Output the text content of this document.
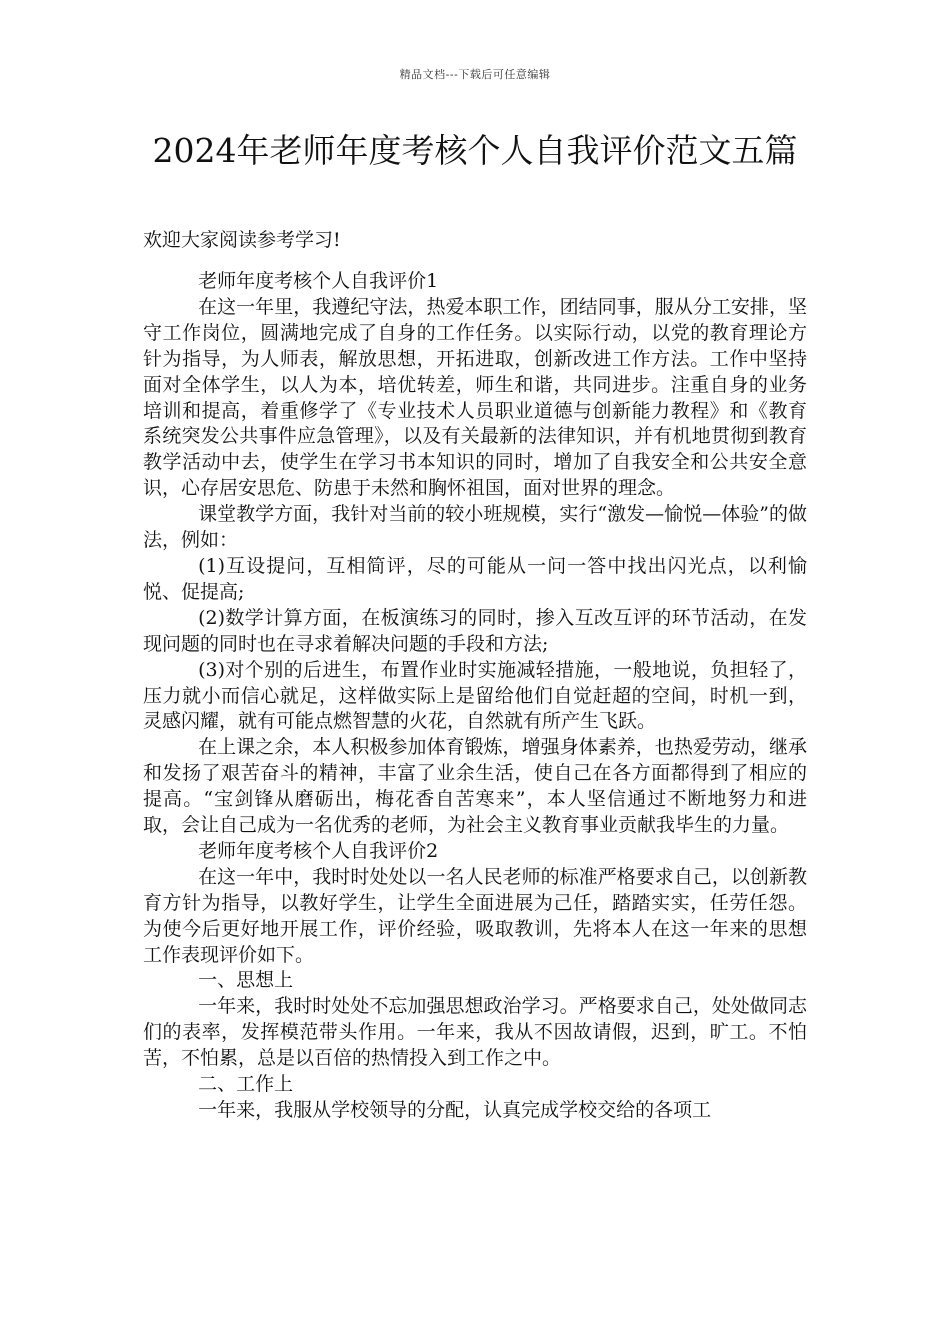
精品文档---下载后可任意编辑
2024年老师年度考核个人自我评价范文五篇

欢迎大家阅读参考学习!

老师年度考核个人自我评价1

在这一年里，我遵纪守法，热爱本职工作，团结同事，服从分工安排，坚守工作岗位，圆满地完成了自身的工作任务。以实际行动，以党的教育理论方针为指导，为人师表，解放思想，开拓进取，创新改进工作方法。工作中坚持面对全体学生，以人为本，培优转差，师生和谐，共同进步。注重自身的业务培训和提高，着重修学了《专业技术人员职业道德与创新能力教程》和《教育系统突发公共事件应急管理》，以及有关最新的法律知识，并有机地贯彻到教育教学活动中去，使学生在学习书本知识的同时，增加了自我安全和公共安全意识，心存居安思危、防患于未然和胸怀祖国，面对世界的理念。

课堂教学方面，我针对当前的较小班规模，实行“激发—愉悦—体验”的做法，例如：

(1)互设提问，互相简评，尽的可能从一问一答中找出闪光点，以利愉悦、促提高;

(2)数学计算方面，在板演练习的同时，掺入互改互评的环节活动，在发现问题的同时也在寻求着解决问题的手段和方法;

(3)对个别的后进生，布置作业时实施减轻措施，一般地说，负担轻了，压力就小而信心就足，这样做实际上是留给他们自觉赶超的空间，时机一到，灵感闪耀，就有可能点燃智慧的火花，自然就有所产生飞跃。

在上课之余，本人积极参加体育锻炼，增强身体素养，也热爱劳动，继承和发扬了艰苦奋斗的精神，丰富了业余生活，使自己在各方面都得到了相应的提高。“宝剑锋从磨砺出，梅花香自苦寒来”，本人坚信通过不断地努力和进取，会让自己成为一名优秀的老师，为社会主义教育事业贡献我毕生的力量。

老师年度考核个人自我评价2

在这一年中，我时时处处以一名人民老师的标准严格要求自己，以创新教育方针为指导，以教好学生，让学生全面进展为己任，踏踏实实，任劳任怨。为使今后更好地开展工作，评价经验，吸取教训，先将本人在这一年来的思想工作表现评价如下。

一、思想上

一年来，我时时处处不忘加强思想政治学习。严格要求自己，处处做同志们的表率，发挥模范带头作用。一年来，我从不因故请假，迟到，旷工。不怕苦，不怕累，总是以百倍的热情投入到工作之中。

二、工作上

一年来，我服从学校领导的分配，认真完成学校交给的各项工
